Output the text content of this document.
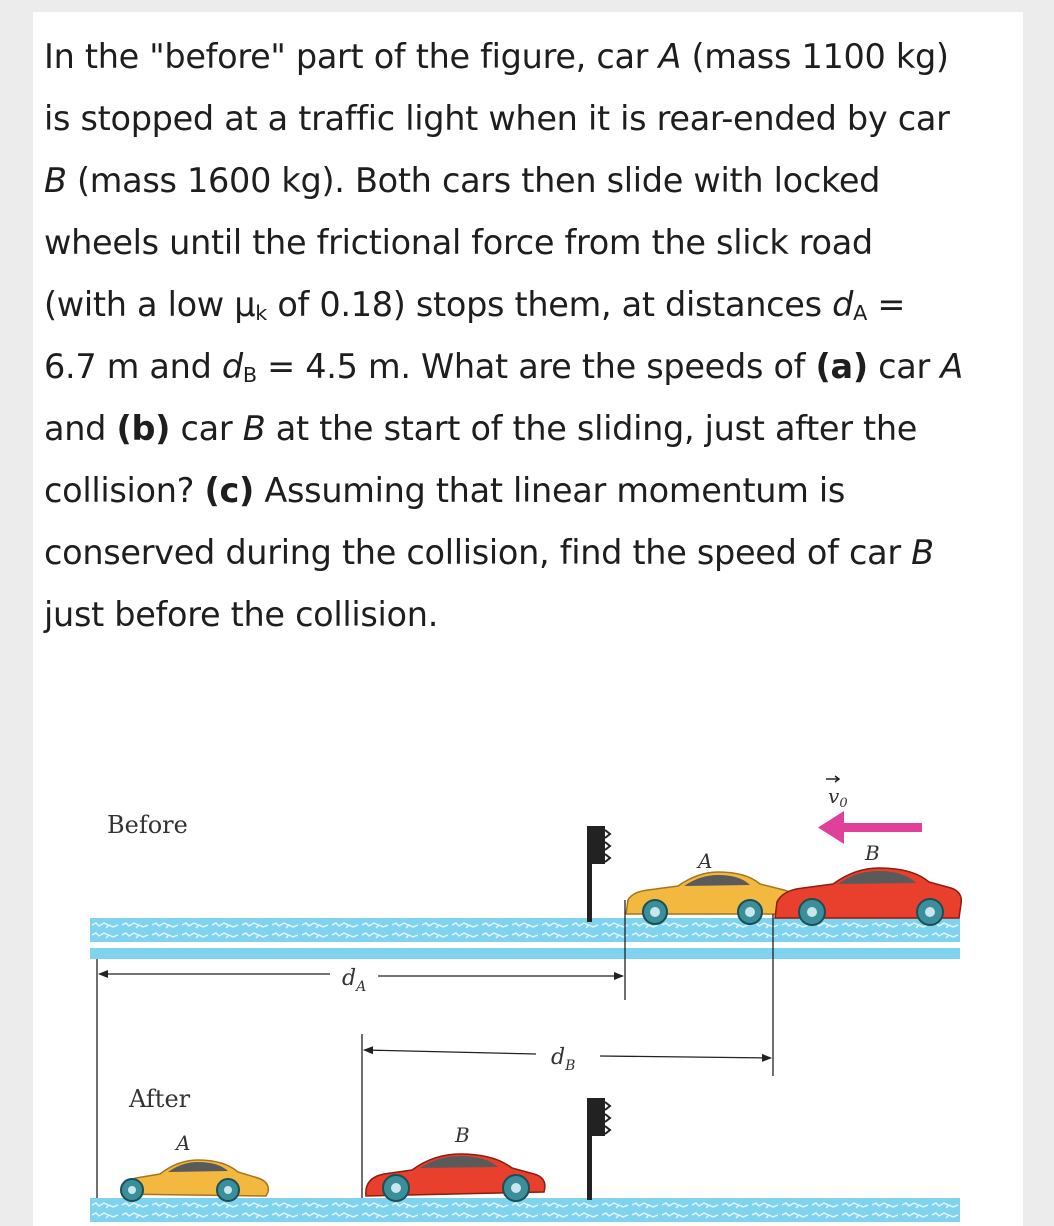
In the "before" part of the figure, car A (mass 1100 kg) is stopped at a traffic light when it is rear-ended by car B (mass 1600 kg). Both cars then slide with locked wheels until the frictional force from the slick road (with a low $\mu_k$ of 0.18) stops them, at distances $d_A = 6.7$ m and $d_B = 4.5$ m. What are the speeds of (a) car A and (b) car B at the start of the sliding, just after the collision? (c) Assuming that linear momentum is conserved during the collision, find the speed of car B just before the collision.

Before
After
$v_0$
A	B
$d_A$
$d_B$
A	B
